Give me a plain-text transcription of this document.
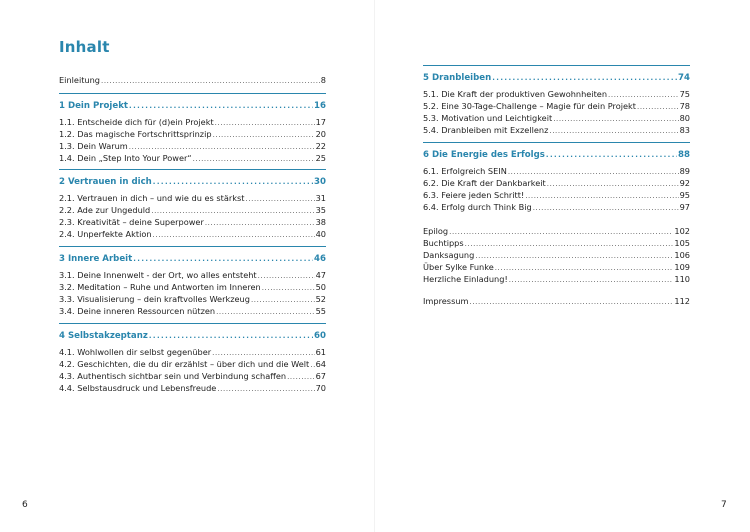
Inhalt
Einleitung .....	8
1 Dein Projekt .....	16
1.1. Entscheide dich für (d)ein Projekt .....	17
1.2. Das magische Fortschrittsprinzip .....	20
1.3. Dein Warum .....	22
1.4. Dein „Step Into Your Power“ .....	25
2 Vertrauen in dich .....	30
2.1. Vertrauen in dich – und wie du es stärkst .....	31
2.2. Ade zur Ungeduld .....	35
2.3. Kreativität – deine Superpower .....	38
2.4. Unperfekte Aktion .....	40
3 Innere Arbeit .....	46
3.1. Deine Innenwelt - der Ort, wo alles entsteht .....	47
3.2. Meditation – Ruhe und Antworten im Inneren .....	50
3.3. Visualisierung – dein kraftvolles Werkzeug .....	52
3.4. Deine inneren Ressourcen nützen .....	55
4 Selbstakzeptanz .....	60
4.1. Wohlwollen dir selbst gegenüber .....	61
4.2. Geschichten, die du dir erzählst – über dich und die Welt ..... 64
4.3. Authentisch sichtbar sein und Verbindung schaffen .....	67
4.4. Selbstausdruck und Lebensfreude .....	70
6
5 Dranbleiben .....	74
5.1. Die Kraft der produktiven Gewohnheiten .....	75
5.2. Eine 30-Tage-Challenge – Magie für dein Projekt .....	78
5.3. Motivation und Leichtigkeit .....	80
5.4. Dranbleiben mit Exzellenz .....	83
6 Die Energie des Erfolgs .....	88
6.1. Erfolgreich SEIN .....	89
6.2. Die Kraft der Dankbarkeit .....	92
6.3. Feiere jeden Schritt! .....	95
6.4. Erfolg durch Think Big .....	97
Epilog .....	102
Buchtipps .....	105
Danksagung .....	106
Über Sylke Funke .....	109
Herzliche Einladung! .....	110
Impressum .....	112
7
